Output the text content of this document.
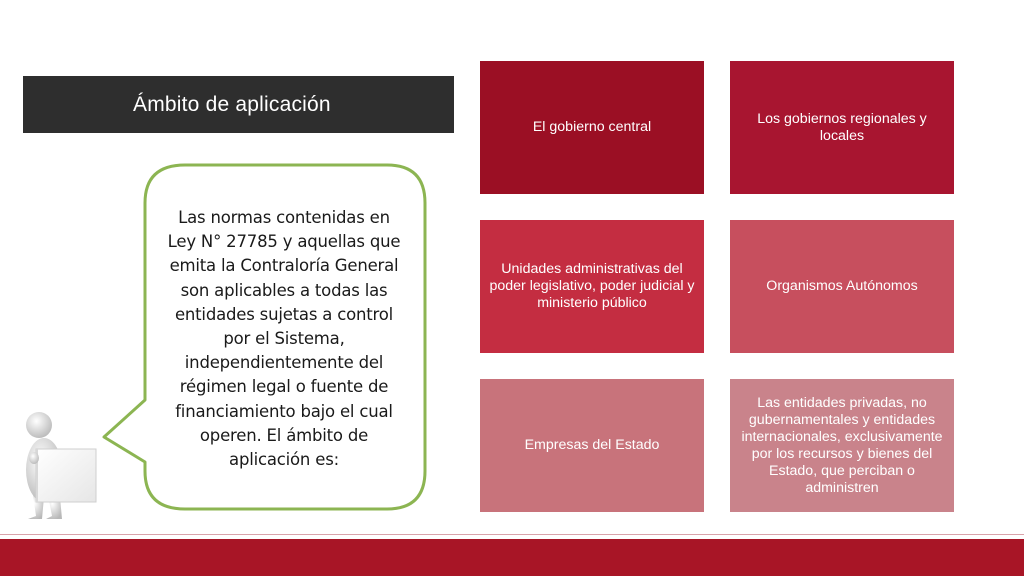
Ámbito de aplicación
Las normas contenidas en
Ley N° 27785 y aquellas que
emita la Contraloría General
son aplicables a todas las
entidades sujetas a control
por el Sistema,
independientemente del
régimen legal o fuente de
financiamiento bajo el cual
operen. El ámbito de
aplicación es:
El gobierno central
Los gobiernos regionales y locales
Unidades administrativas del poder legislativo, poder judicial y ministerio público
Organismos Autónomos
Empresas del Estado
Las entidades privadas, no gubernamentales y entidades internacionales, exclusivamente por los recursos y bienes del Estado, que perciban o administren
